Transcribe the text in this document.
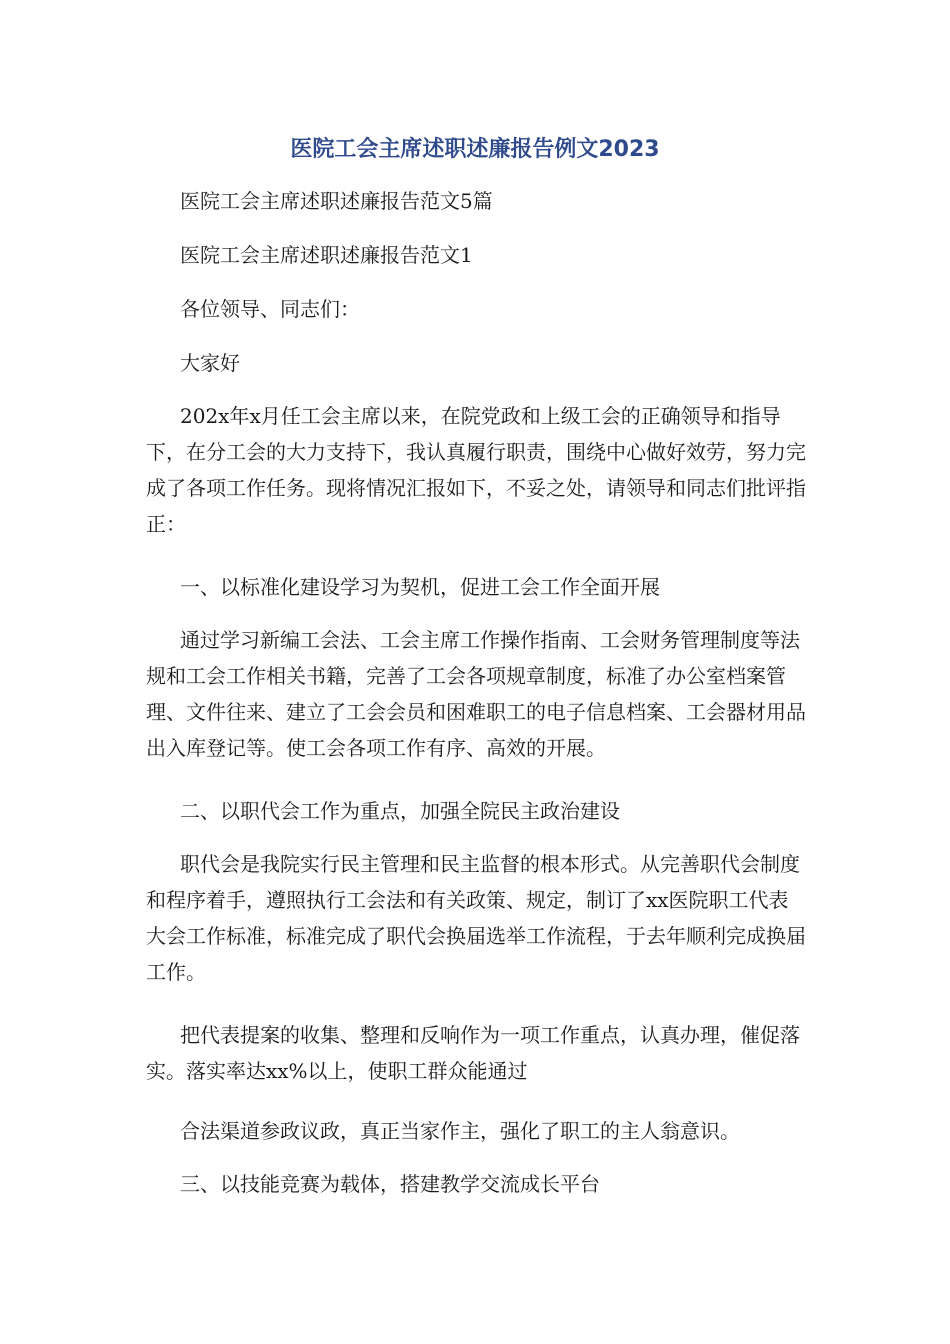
医院工会主席述职述廉报告例文2023

医院工会主席述职述廉报告范文5篇

医院工会主席述职述廉报告范文1

各位领导、同志们：

大家好

202x年x月任工会主席以来，在院党政和上级工会的正确领导和指导下，在分工会的大力支持下，我认真履行职责，围绕中心做好效劳，努力完成了各项工作任务。现将情况汇报如下，不妥之处，请领导和同志们批评指正：

一、以标准化建设学习为契机，促进工会工作全面开展

通过学习新编工会法、工会主席工作操作指南、工会财务管理制度等法规和工会工作相关书籍，完善了工会各项规章制度，标准了办公室档案管理、文件往来、建立了工会会员和困难职工的电子信息档案、工会器材用品出入库登记等。使工会各项工作有序、高效的开展。

二、以职代会工作为重点，加强全院民主政治建设

职代会是我院实行民主管理和民主监督的根本形式。从完善职代会制度和程序着手，遵照执行工会法和有关政策、规定，制订了xx医院职工代表大会工作标准，标准完成了职代会换届选举工作流程，于去年顺利完成换届工作。

把代表提案的收集、整理和反响作为一项工作重点，认真办理，催促落实。落实率达xx%以上，使职工群众能通过

合法渠道参政议政，真正当家作主，强化了职工的主人翁意识。

三、以技能竞赛为载体，搭建教学交流成长平台
